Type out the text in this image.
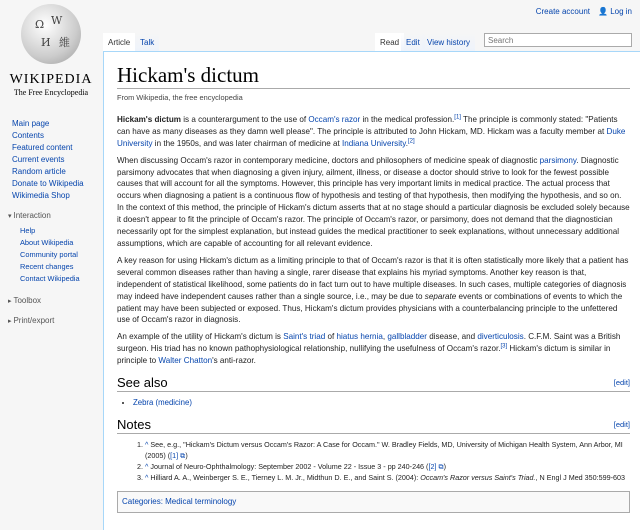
Create account 👤 Log in
Ω W
И 維
WIKIPEDIA
The Free Encyclopedia
Main page
Contents
Featured content
Current events
Random article
Donate to Wikipedia
Wikimedia Shop
▾ Interaction
Help
About Wikipedia
Community portal
Recent changes
Contact Wikipedia
▸ Toolbox
▸ Print/export
Article	Talk	Read Edit View history
Search
Hickam's dictum
From Wikipedia, the free encyclopedia

Hickam's dictum is a counterargument to the use of Occam's razor in the medical profession.[1] The principle is commonly stated: "Patients can have as many diseases as they damn well please". The principle is attributed to John Hickam, MD. Hickam was a faculty member at Duke University in the 1950s, and was later chairman of medicine at Indiana University.[2]

When discussing Occam's razor in contemporary medicine, doctors and philosophers of medicine speak of diagnostic parsimony. Diagnostic parsimony advocates that when diagnosing a given injury, ailment, illness, or disease a doctor should strive to look for the fewest possible causes that will account for all the symptoms. However, this principle has very important limits in medical practice. The actual process that occurs when diagnosing a patient is a continuous flow of hypothesis and testing of that hypothesis, then modifying the hypothesis, and so on. In the context of this method, the principle of Hickam's dictum asserts that at no stage should a particular diagnosis be excluded solely because it doesn't appear to fit the principle of Occam's razor. The principle of Occam's razor, or parsimony, does not demand that the diagnostician necessarily opt for the simplest explanation, but instead guides the medical practitioner to seek explanations, without unnecessary additional assumptions, which are capable of accounting for all relevant evidence.

A key reason for using Hickam's dictum as a limiting principle to that of Occam's razor is that it is often statistically more likely that a patient has several common diseases rather than having a single, rarer disease that explains his myriad symptoms. Another key reason is that, independent of statistical likelihood, some patients do in fact turn out to have multiple diseases. In such cases, multiple categories of diagnosis may indeed have independent causes rather than a single source, i.e., may be due to separate events or combinations of events to which the patient may have been subjected or exposed. Thus, Hickam's dictum provides physicians with a counterbalancing principle to the unfettered use of Occam's razor in diagnosis.

An example of the utility of Hickam's dictum is Saint's triad of hiatus hernia, gallbladder disease, and diverticulosis. C.F.M. Saint was a British surgeon. His triad has no known pathophysiological relationship, nullifying the usefulness of Occam's razor.[3] Hickam's dictum is similar in principle to Walter Chatton's anti-razor.

See also	[edit]
• Zebra (medicine)
Notes	[edit]
1. ^ See, e.g., "Hickam's Dictum versus Occam's Razor: A Case for Occam." W. Bradley Fields, MD, University of Michigan Health System, Ann Arbor, MI (2005) ([1] ⧉)
2. ^ Journal of Neuro-Ophthalmology: September 2002 - Volume 22 - Issue 3 - pp 240-246 ([2] ⧉)
3. ^ Hilliard A. A., Weinberger S. E., Tierney L. M. Jr., Midthun D. E., and Saint S. (2004): Occam's Razor versus Saint's Triad., N Engl J Med 350:599-603
Categories: Medical terminology
